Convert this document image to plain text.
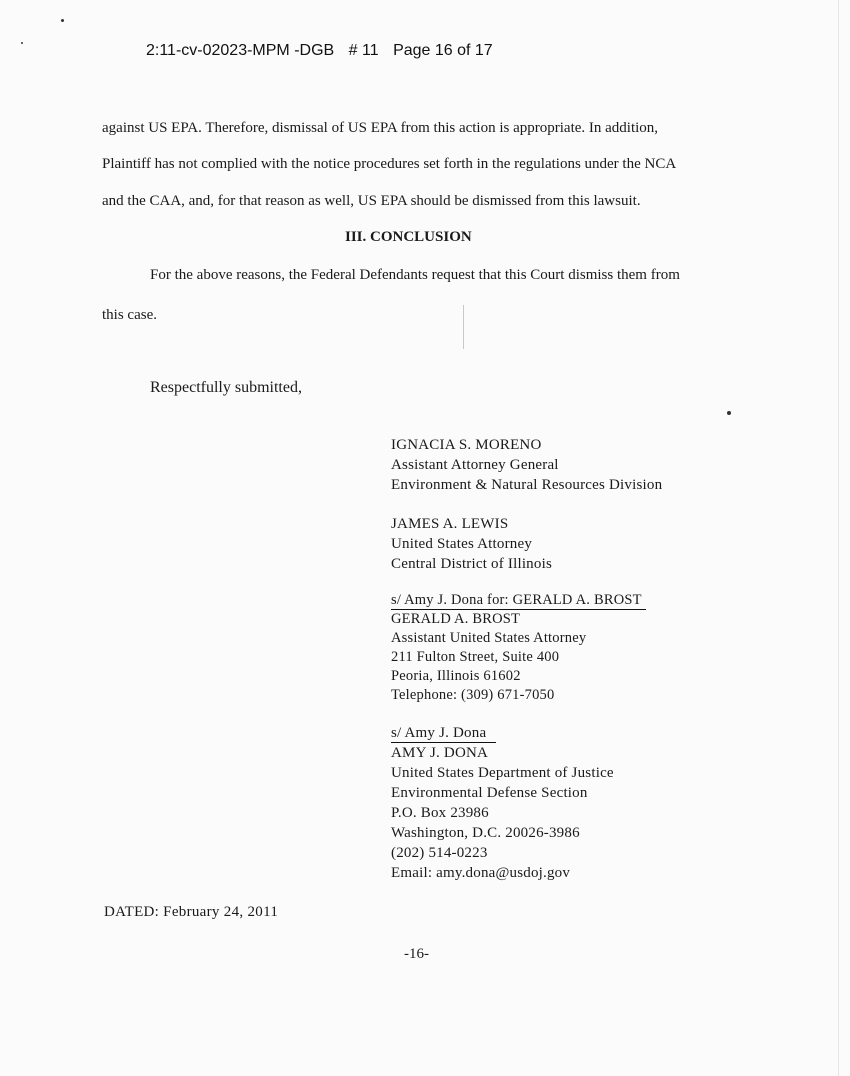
2:11-cv-02023-MPM -DGB # 11 Page 16 of 17
against US EPA. Therefore, dismissal of US EPA from this action is appropriate. In addition,
Plaintiff has not complied with the notice procedures set forth in the regulations under the NCA
and the CAA, and, for that reason as well, US EPA should be dismissed from this lawsuit.
III. CONCLUSION
For the above reasons, the Federal Defendants request that this Court dismiss them from
this case.
Respectfully submitted,
IGNACIA S. MORENO
Assistant Attorney General
Environment & Natural Resources Division
JAMES A. LEWIS
United States Attorney
Central District of Illinois
s/ Amy J. Dona for: GERALD A. BROST
GERALD A. BROST
Assistant United States Attorney
211 Fulton Street, Suite 400
Peoria, Illinois 61602
Telephone: (309) 671-7050
s/ Amy J. Dona
AMY J. DONA
United States Department of Justice
Environmental Defense Section
P.O. Box 23986
Washington, D.C. 20026-3986
(202) 514-0223
Email: amy.dona@usdoj.gov
DATED: February 24, 2011
-16-
